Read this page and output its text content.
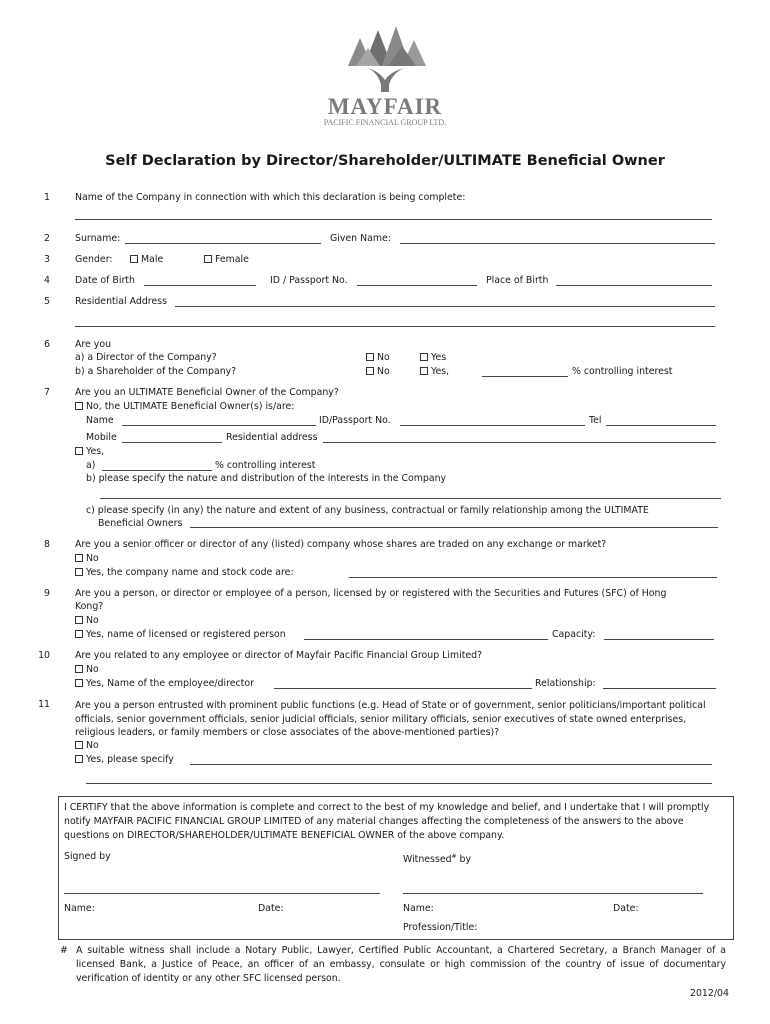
MAYFAIR
PACIFIC FINANCIAL GROUP LTD.
Self Declaration by Director/Shareholder/ULTIMATE Beneficial Owner
1	Name of the Company in connection with which this declaration is being complete:
2	Surname:	Given Name:
3	Gender:	Male	Female
4	Date of Birth	ID / Passport No.	Place of Birth
5	Residential Address
6	Are you
a) a Director of the Company?	No	Yes
b) a Shareholder of the Company?	No	Yes,	% controlling interest
7	Are you an ULTIMATE Beneficial Owner of the Company?
No, the ULTIMATE Beneficial Owner(s) is/are:
Name	ID/Passport No.	Tel
Mobile	Residential address
Yes,
a)	% controlling interest
b) please specify the nature and distribution of the interests in the Company
c) please specify (in any) the nature and extent of any business, contractual or family relationship among the ULTIMATE
Beneficial Owners
8	Are you a senior officer or director of any (listed) company whose shares are traded on any exchange or market?
No
Yes, the company name and stock code are:
9	Are you a person, or director or employee of a person, licensed by or registered with the Securities and Futures (SFC) of Hong
Kong?
No
Yes, name of licensed or registered person	Capacity:
10	Are you related to any employee or director of Mayfair Pacific Financial Group Limited?
No
Yes, Name of the employee/director	Relationship:
11	Are you a person entrusted with prominent public functions (e.g. Head of State or of government, senior politicians/important political officials, senior government officials, senior judicial officials, senior military officials, senior executives of state owned enterprises, religious leaders, or family members or close associates of the above-mentioned parties)?
No
Yes, please specify
I CERTIFY that the above information is complete and correct to the best of my knowledge and belief, and I undertake that I will promptly notify MAYFAIR PACIFIC FINANCIAL GROUP LIMITED of any material changes affecting the completeness of the answers to the above questions on DIRECTOR/SHAREHOLDER/ULTIMATE BENEFICIAL OWNER of the above company.
Signed by	Witnessed# by
Name:	Date:	Name:	Date:
Profession/Title:
# A suitable witness shall include a Notary Public, Lawyer, Certified Public Accountant, a Chartered Secretary, a Branch Manager of a licensed Bank, a Justice of Peace, an officer of an embassy, consulate or high commission of the country of issue of documentary verification of identity or any other SFC licensed person.
2012/04
